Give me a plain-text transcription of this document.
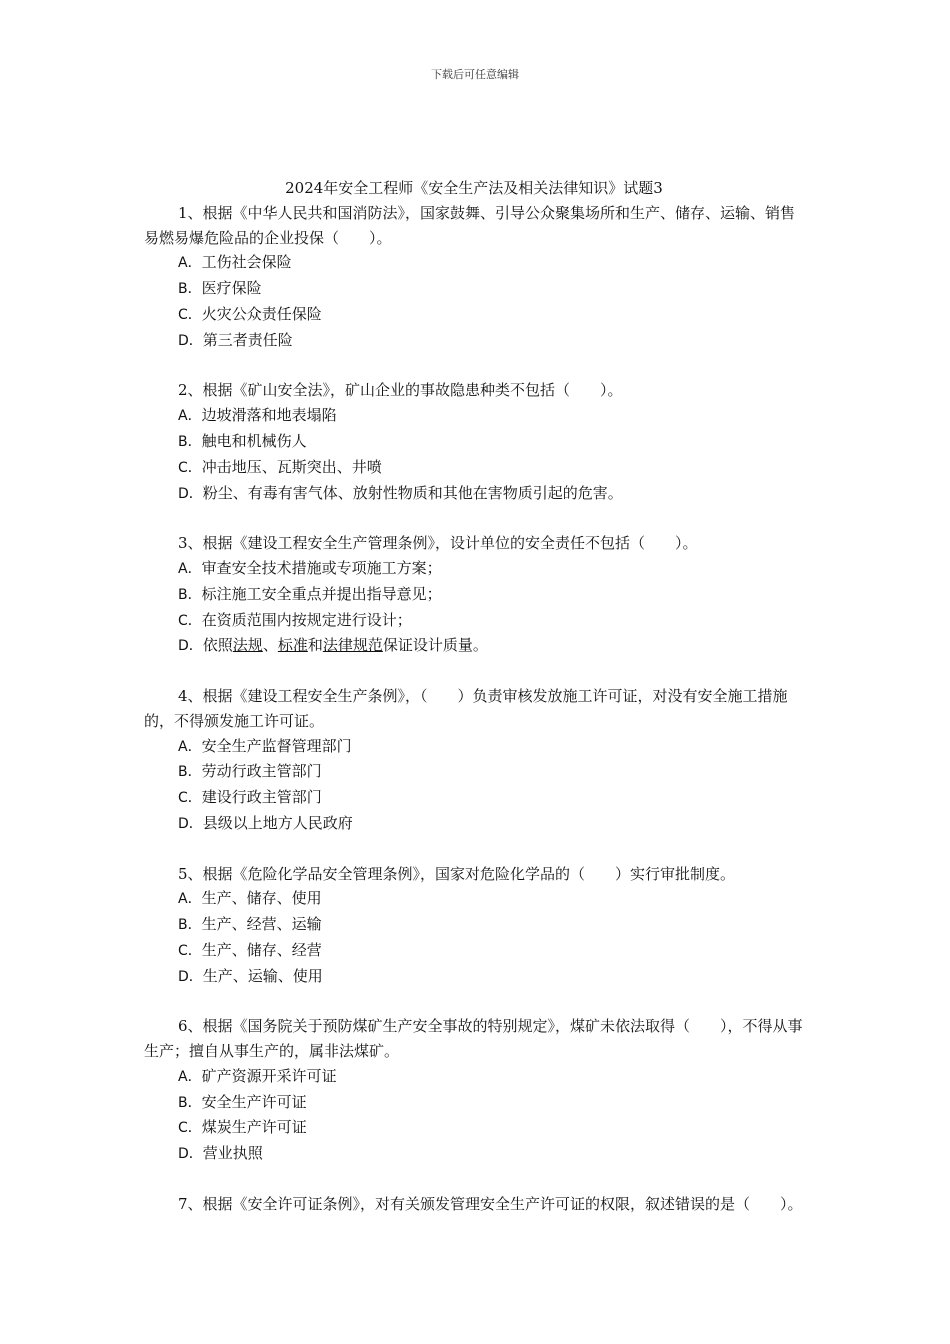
下载后可任意编辑

2024年安全工程师《安全生产法及相关法律知识》试题3

1、根据《中华人民共和国消防法》，国家鼓舞、引导公众聚集场所和生产、储存、运输、销售易燃易爆危险品的企业投保（　　）。

A．工伤社会保险

B．医疗保险

C．火灾公众责任保险

D．第三者责任险

2、根据《矿山安全法》，矿山企业的事故隐患种类不包括（　　）。

A．边坡滑落和地表塌陷

B．触电和机械伤人

C．冲击地压、瓦斯突出、井喷

D．粉尘、有毒有害气体、放射性物质和其他在害物质引起的危害。

3、根据《建设工程安全生产管理条例》，设计单位的安全责任不包括（　　）。

A．审查安全技术措施或专项施工方案；

B．标注施工安全重点并提出指导意见；

C．在资质范围内按规定进行设计；

D．依照法规、标准和法律规范保证设计质量。

4、根据《建设工程安全生产条例》，（　　）负责审核发放施工许可证，对没有安全施工措施的，不得颁发施工许可证。

A．安全生产监督管理部门

B．劳动行政主管部门

C．建设行政主管部门

D．县级以上地方人民政府

5、根据《危险化学品安全管理条例》，国家对危险化学品的（　　）实行审批制度。

A．生产、储存、使用

B．生产、经营、运输

C．生产、储存、经营

D．生产、运输、使用

6、根据《国务院关于预防煤矿生产安全事故的特别规定》，煤矿未依法取得（　　），不得从事生产；擅自从事生产的，属非法煤矿。

A．矿产资源开采许可证

B．安全生产许可证

C．煤炭生产许可证

D．营业执照

7、根据《安全许可证条例》，对有关颁发管理安全生产许可证的权限，叙述错误的是（　　）。
